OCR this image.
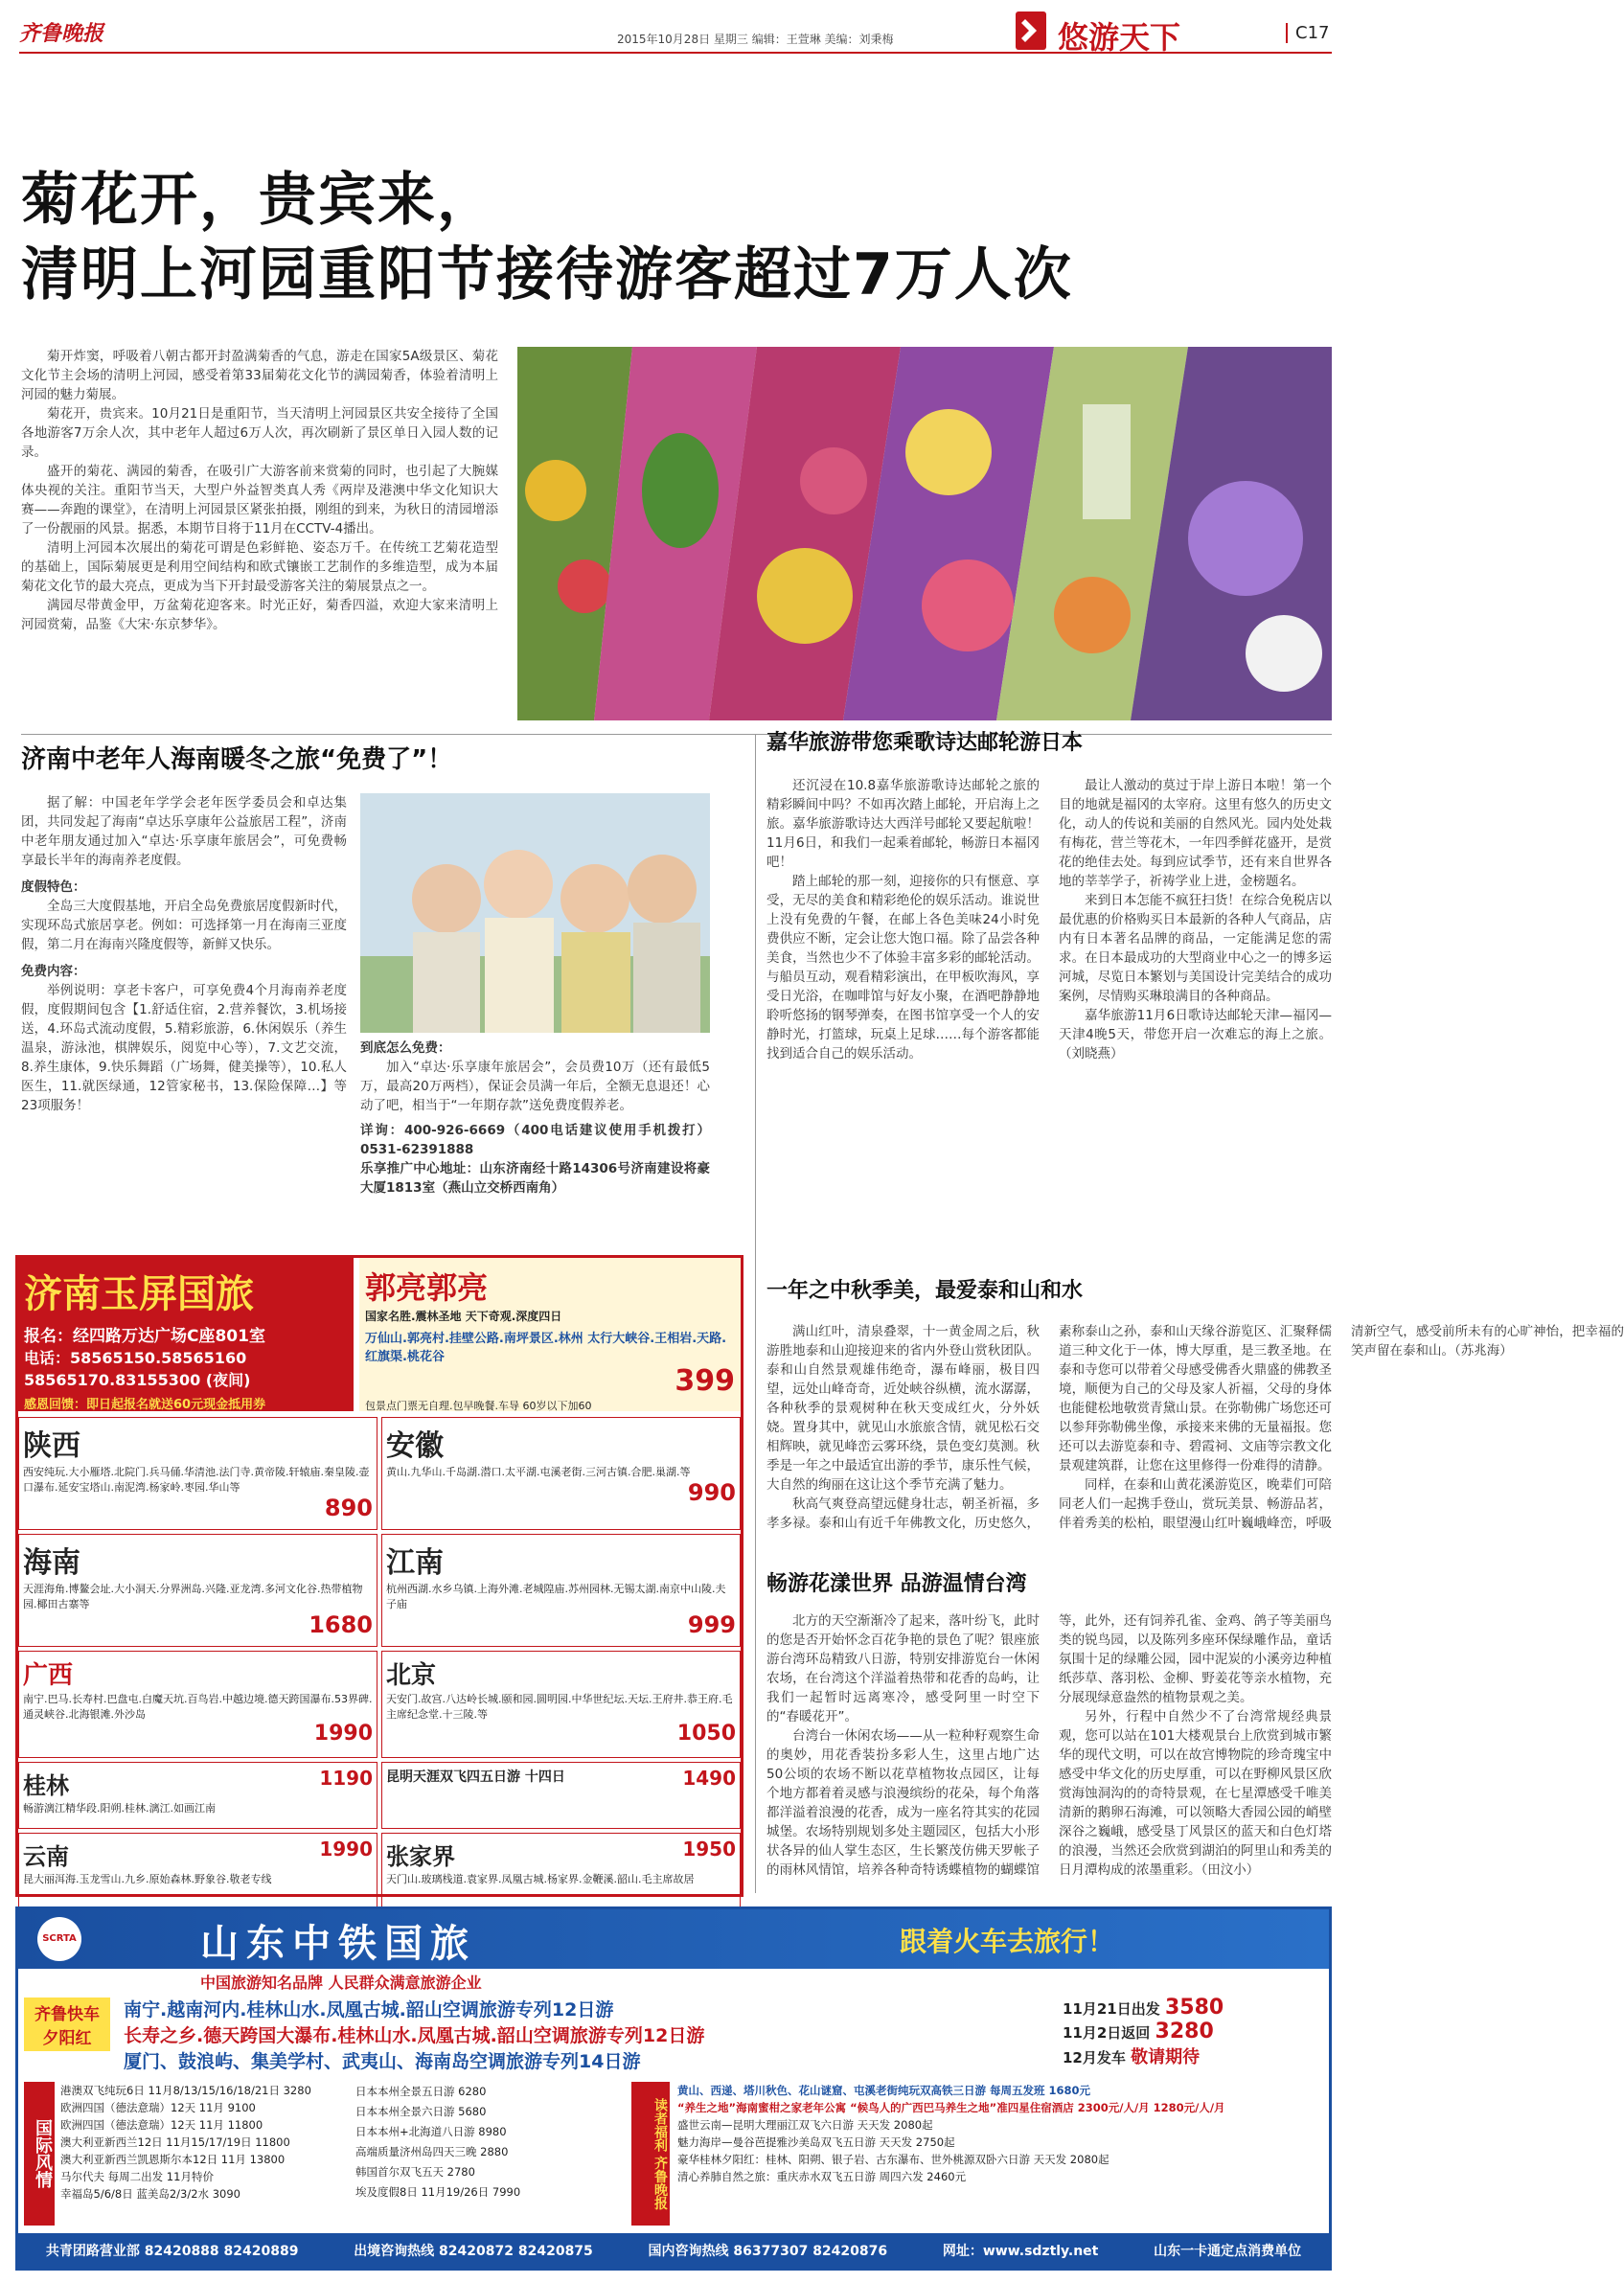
齐鲁晚报	2015年10月28日 星期三 编辑：王萱琳 美编：刘秉梅	悠游天下	C17
菊花开，贵宾来，
清明上河园重阳节接待游客超过7万人次

菊开炸窦，呼吸着八朝古都开封盈满菊香的气息，游走在国家5A级景区、菊花文化节主会场的清明上河园，感受着第33届菊花文化节的满园菊香，体验着清明上河园的魅力菊展。

菊花开，贵宾来。10月21日是重阳节，当天清明上河园景区共安全接待了全国各地游客7万余人次，其中老年人超过6万人次，再次刷新了景区单日入园人数的记录。

盛开的菊花、满园的菊香，在吸引广大游客前来赏菊的同时，也引起了大腕媒体央视的关注。重阳节当天，大型户外益智类真人秀《两岸及港澳中华文化知识大赛——奔跑的课堂》，在清明上河园景区紧张拍摄，刚组的到来，为秋日的清园增添了一份靓丽的风景。据悉，本期节目将于11月在CCTV-4播出。

清明上河园本次展出的菊花可谓是色彩鲜艳、姿态万千。在传统工艺菊花造型的基础上，国际菊展更是利用空间结构和欧式镶嵌工艺制作的多维造型，成为本届菊花文化节的最大亮点，更成为当下开封最受游客关注的菊展景点之一。

满园尽带黄金甲，万盆菊花迎客来。时光正好，菊香四溢，欢迎大家来清明上河园赏菊，品鉴《大宋·东京梦华》。

济南中老年人海南暖冬之旅“免费了”！

据了解：中国老年学学会老年医学委员会和卓达集团，共同发起了海南“卓达乐享康年公益旅居工程”，济南中老年朋友通过加入“卓达·乐享康年旅居会”，可免费畅享最长半年的海南养老度假。

度假特色：

全岛三大度假基地，开启全岛免费旅居度假新时代，实现环岛式旅居享老。例如：可选择第一月在海南三亚度假，第二月在海南兴隆度假等，新鲜又快乐。

免费内容：

举例说明：享老卡客户，可享免费4个月海南养老度假，度假期间包含【1.舒适住宿，2.营养餐饮，3.机场接送，4.环岛式流动度假，5.精彩旅游，6.休闲娱乐（养生温泉，游泳池，棋牌娱乐，阅览中心等），7.文艺交流，8.养生康体，9.快乐舞蹈（广场舞，健美操等），10.私人医生，11.就医绿通，12管家秘书，13.保险保障…】等23项服务！

到底怎么免费：

加入“卓达·乐享康年旅居会”，会员费10万（还有最低5万，最高20万两档），保证会员满一年后，全额无息退还！心动了吧，相当于“一年期存款”送免费度假养老。

详询：400-926-6669（400电话建议使用手机拨打）0531-62391888

乐享推广中心地址：山东济南经十路14306号济南建设将豪大厦1813室（燕山立交桥西南角）

嘉华旅游带您乘歌诗达邮轮游日本

还沉浸在10.8嘉华旅游歌诗达邮轮之旅的精彩瞬间中吗？不如再次踏上邮轮，开启海上之旅。嘉华旅游歌诗达大西洋号邮轮又要起航啦！11月6日，和我们一起乘着邮轮，畅游日本福冈吧！

踏上邮轮的那一刻，迎接你的只有惬意、享受，无尽的美食和精彩绝伦的娱乐活动。谁说世上没有免费的午餐，在邮上各色美味24小时免费供应不断，定会让您大饱口福。除了品尝各种美食，当然也少不了体验丰富多彩的邮轮活动。与船员互动，观看精彩演出，在甲板吹海风，享受日光浴，在咖啡馆与好友小聚，在酒吧静静地聆听悠扬的钢琴弹奏，在图书馆享受一个人的安静时光，打篮球，玩桌上足球……每个游客都能找到适合自己的娱乐活动。

最让人激动的莫过于岸上游日本啦！第一个目的地就是福冈的太宰府。这里有悠久的历史文化，动人的传说和美丽的自然风光。园内处处栽有梅花，营兰等花木，一年四季鲜花盛开，是赏花的绝佳去处。每到应试季节，还有来自世界各地的莘莘学子，祈祷学业上进，金榜题名。

来到日本怎能不疯狂扫货！在综合免税店以最优惠的价格购买日本最新的各种人气商品，店内有日本著名品牌的商品，一定能满足您的需求。在日本最成功的大型商业中心之一的博多运河城，尽览日本繁划与美国设计完美结合的成功案例，尽情购买琳琅满目的各种商品。

嘉华旅游11月6日歌诗达邮轮天津—福冈—天津4晚5天，带您开启一次难忘的海上之旅。（刘晓燕）

一年之中秋季美，最爱泰和山和水

满山红叶，清泉叠翠，十一黄金周之后，秋游胜地泰和山迎接迎来的省内外登山赏秋团队。泰和山自然景观雄伟绝奇，瀑布峰丽，极目四望，远处山峰奇奇，近处峡谷纵横，流水潺潺，各种秋季的景观树种在秋天变成红火，分外妖娆。置身其中，就见山水旅旅含情，就见松石交相辉映，就见峰峦云雾环绕，景色变幻莫测。秋季是一年之中最适宜出游的季节，康乐性气候，大自然的绚丽在这让这个季节充满了魅力。

秋高气爽登高望远健身壮志，朝圣祈福，多孝多禄。泰和山有近千年佛教文化，历史悠久，素称泰山之孙，泰和山天缘谷游览区、汇聚释儒道三种文化于一体，博大厚重，是三教圣地。在泰和寺您可以带着父母感受佛香火鼎盛的佛教圣境，顺便为自己的父母及家人祈福，父母的身体也能健松地敬赏青黛山景。在弥勒佛广场您还可以参拜弥勒佛坐像，承接来来佛的无量福报。您还可以去游览泰和寺、碧霞祠、文庙等宗教文化景观建筑群，让您在这里修得一份难得的清静。

同样，在泰和山黄花溪游览区，晚辈们可陪同老人们一起携手登山，赏玩美景、畅游品茗，伴着秀美的松柏，眼望漫山红叶巍峨峰峦，呼吸清新空气，感受前所未有的心旷神怡，把幸福的笑声留在泰和山。（苏兆海）

畅游花漾世界 品游温情台湾

北方的天空渐渐冷了起来，落叶纷飞，此时的您是否开始怀念百花争艳的景色了呢？银座旅游台湾环岛精致八日游，特别安排游览台一休闲农场，在台湾这个洋溢着热带和花香的岛屿，让我们一起暂时远离寒冷，感受阿里一时空下的“春暖花开”。

台湾台一休闲农场——从一粒种籽观察生命的奥妙，用花香装扮多彩人生，这里占地广达50公顷的农场不断以花草植物妆点园区，让每个地方都着着灵感与浪漫缤纷的花朵，每个角落都洋溢着浪漫的花香，成为一座名符其实的花园城堡。农场特别规划多处主题园区，包括大小形状各异的仙人掌生态区，生长繁茂仿佛天罗帐子的雨林风情馆，培养各种奇特诱蝶植物的蝴蝶馆等，此外，还有饲养孔雀、金鸡、鸽子等美丽鸟类的锐鸟园，以及陈列多座环保绿雕作品，童话氛围十足的绿雕公园，园中泥炭的小溪旁边种植纸莎草、落羽松、金柳、野姜花等亲水植物，充分展现绿意盎然的植物景观之美。

另外，行程中自然少不了台湾常规经典景观，您可以站在101大楼观景台上欣赏到城市繁华的现代文明，可以在故宫博物院的珍奇瑰宝中感受中华文化的历史厚重，可以在野柳风景区欣赏海蚀洞沟的的奇特景观，在七星潭感受千唯美清新的鹅卵石海滩，可以领略大香园公园的峭壁深谷之巍峨，感受垦丁风景区的蓝天和白色灯塔的浪漫，当然还会欣赏到湖泊的阿里山和秀美的日月潭构成的浓墨重彩。（田汶小）

济南玉屏国旅
报名：经四路万达广场C座801室
电话：58565150.58565160
58565170.83155300 (夜间)
感恩回馈：即日起报名就送60元现金抵用券
郭亮郭亮
国家名胜.震林圣地 天下奇观.深度四日
万仙山.郭亮村.挂壁公路.南坪景区.林州 太行大峡谷.王相岩.天路.红旗渠.桃花谷
399
包景点门票无自理.包早晚餐.车导 60岁以下加60
陕西
西安纯玩.大小雁塔.北院门.兵马俑.华清池.法门寺.黄帝陵.轩辕庙.秦皇陵.壶口瀑布.延安宝塔山.南泥湾.杨家岭.枣园.华山等
890
安徽
黄山.九华山.千岛湖.潜口.太平湖.屯溪老街.三河古镇.合肥.巢湖.等
990
海南
天涯海角.博鳌会址.大小洞天.分界洲岛.兴隆.亚龙湾.多河文化谷.热带植物园.椰田古寨等
1680
江南
杭州西湖.水乡乌镇.上海外滩.老城隍庙.苏州园林.无锡太湖.南京中山陵.夫子庙
999
广西
南宁.巴马.长寿村.巴盘屯.白魔天坑.百鸟岩.中越边境.德天跨国瀑布.53界碑.通灵峡谷.北海银滩.外沙岛
1990
北京
天安门.故宫.八达岭长城.颐和园.圆明园.中华世纪坛.天坛.王府井.恭王府.毛主席纪念堂.十三陵.等
1050
桂林	1190
畅游漓江精华段.阳朔.桂林.漓江.如画江南
昆明天涯双飞四五日游 十四日	1490
云南	1990
昆大丽洱海.玉龙雪山.九乡.原始森林.野象谷.敬老专线
张家界	1950
天门山.玻璃栈道.袁家界.凤凰古城.杨家界.金鞭溪.韶山.毛主席故居
SCRTA	山东中铁国旅	跟着火车去旅行！
中国旅游知名品牌 人民群众满意旅游企业
齐鲁快车 夕阳红
南宁.越南河内.桂林山水.凤凰古城.韶山空调旅游专列12日游
长寿之乡.德天跨国大瀑布.桂林山水.凤凰古城.韶山空调旅游专列12日游
厦门、鼓浪屿、集美学村、武夷山、海南岛空调旅游专列14日游
11月21日出发 3580
11月2日返回 3280
12月发车 敬请期待
国际风情
港澳双飞纯玩6日 11月8/13/15/16/18/21日 3280
欧洲四国（德法意瑞）12天 11月 9100
欧洲四国（德法意瑞）12天 11月 11800
澳大利亚新西兰12日 11月15/17/19日 11800
澳大利亚新西兰凯恩斯尔本12日 11月 13800
马尔代夫 每周二出发 11月特价
幸福岛5/6/8日 蓝美岛2/3/2水 3090
日本本州全景五日游 6280
日本本州全景六日游 5680
日本本州+北海道八日游 8980
高端质量济州岛四天三晚 2880
韩国首尔双飞五天 2780
埃及度假8日 11月19/26日 7990	读者福利 齐鲁晚报
黄山、西递、塔川秋色、花山谜窟、屯溪老街纯玩双高铁三日游 每周五发班 1680元
“养生之地”海南蜜柑之家老年公寓 “候鸟人的广西巴马养生之地”准四星住宿酒店 2300元/人/月 1280元/人/月
盛世云南—昆明大理丽江双飞六日游 天天发 2080起
魅力海岸—曼谷芭提雅沙美岛双飞五日游 天天发 2750起
豪华桂林夕阳红：桂林、阳朔、银子岩、古东瀑布、世外桃源双卧六日游 天天发 2080起
清心养肺自然之旅：重庆赤水双飞五日游 周四六发 2460元
共青团路营业部 82420888 82420889	出境咨询热线 82420872 82420875	国内咨询热线 86377307 82420876	网址：www.sdztly.net	山东一卡通定点消费单位
